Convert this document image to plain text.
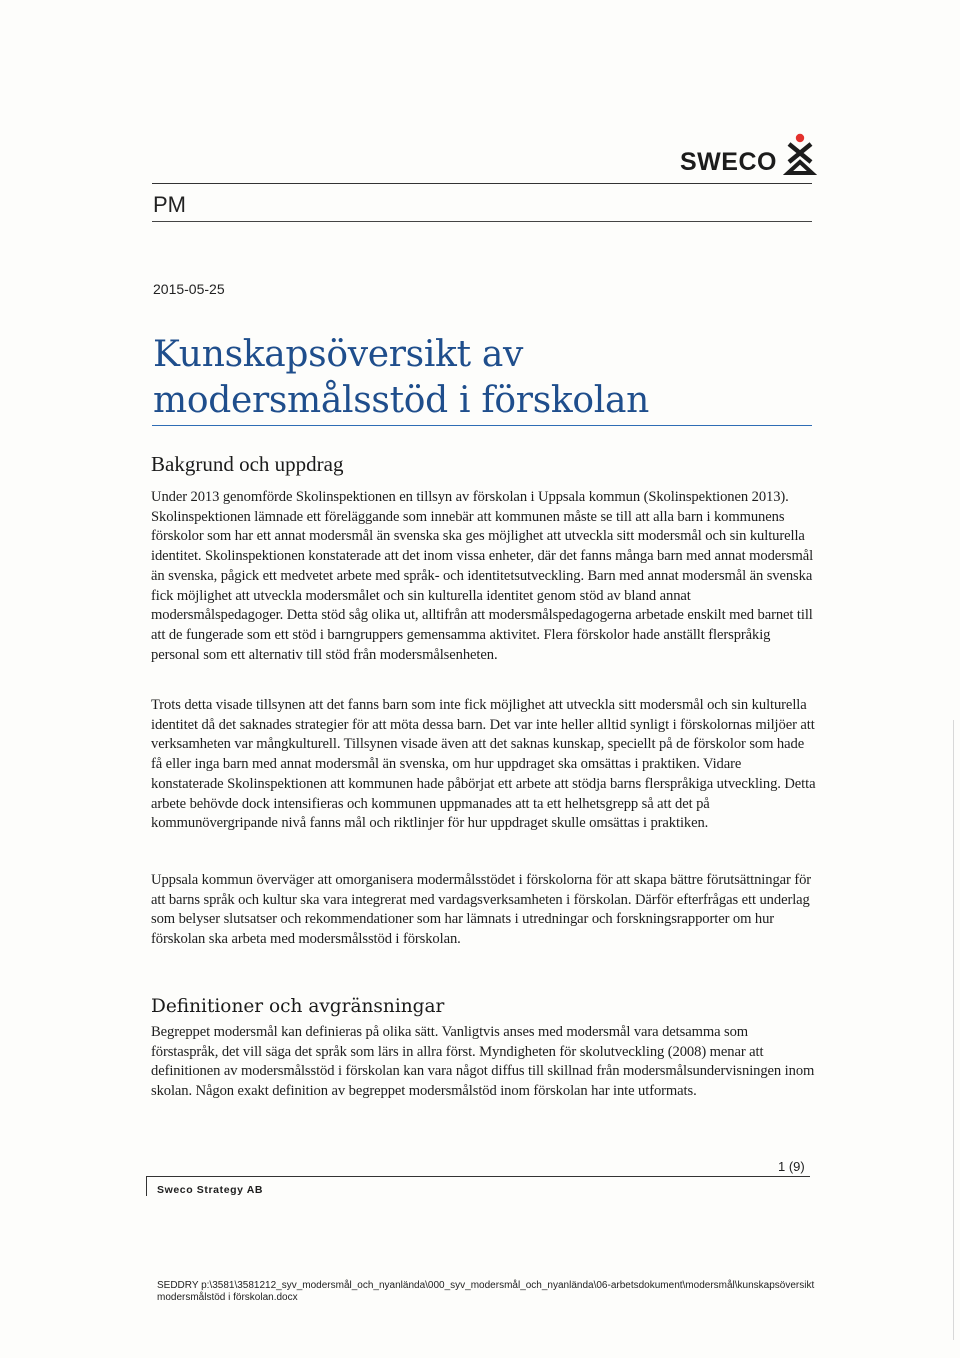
SWECO
PM
2015-05-25
Kunskapsöversikt av
modersmålsstöd i förskolan
Bakgrund och uppdrag

Under 2013 genomförde Skolinspektionen en tillsyn av förskolan i Uppsala kommun (Skolinspektionen 2013). Skolinspektionen lämnade ett föreläggande som innebär att kommunen måste se till att alla barn i kommunens förskolor som har ett annat modersmål än svenska ska ges möjlighet att utveckla sitt modersmål och sin kulturella identitet. Skolinspektionen konstaterade att det inom vissa enheter, där det fanns många barn med annat modersmål än svenska, pågick ett medvetet arbete med språk- och identitetsutveckling. Barn med annat modersmål än svenska fick möjlighet att utveckla modersmålet och sin kulturella identitet genom stöd av bland annat modersmålspedagoger. Detta stöd såg olika ut, alltifrån att modersmålspedagogerna arbetade enskilt med barnet till att de fungerade som ett stöd i barngruppers gemensamma aktivitet. Flera förskolor hade anställt flerspråkig personal som ett alternativ till stöd från modersmålsenheten.

Trots detta visade tillsynen att det fanns barn som inte fick möjlighet att utveckla sitt modersmål och sin kulturella identitet då det saknades strategier för att möta dessa barn. Det var inte heller alltid synligt i förskolornas miljöer att verksamheten var mångkulturell. Tillsynen visade även att det saknas kunskap, speciellt på de förskolor som hade få eller inga barn med annat modersmål än svenska, om hur uppdraget ska omsättas i praktiken. Vidare konstaterade Skolinspektionen att kommunen hade påbörjat ett arbete att stödja barns flerspråkiga utveckling. Detta arbete behövde dock intensifieras och kommunen uppmanades att ta ett helhetsgrepp så att det på kommunövergripande nivå fanns mål och riktlinjer för hur uppdraget skulle omsättas i praktiken.

Uppsala kommun överväger att omorganisera modermålsstödet i förskolorna för att skapa bättre förutsättningar för att barns språk och kultur ska vara integrerat med vardagsverksamheten i förskolan. Därför efterfrågas ett underlag som belyser slutsatser och rekommendationer som har lämnats i utredningar och forskningsrapporter om hur förskolan ska arbeta med modersmålsstöd i förskolan.

Definitioner och avgränsningar

Begreppet modersmål kan definieras på olika sätt. Vanligtvis anses med modersmål vara detsamma som förstaspråk, det vill säga det språk som lärs in allra först. Myndigheten för skolutveckling (2008) menar att definitionen av modersmålsstöd i förskolan kan vara något diffus till skillnad från modersmålsundervisningen inom skolan. Någon exakt definition av begreppet modersmålstöd inom förskolan har inte utformats.

1 (9)
Sweco Strategy AB
SEDDRY p:\3581\3581212_syv_modersmål_och_nyanlända\000_syv_modersmål_och_nyanlända\06-arbetsdokument\modersmål\kunskapsöversikt modersmålstöd i förskolan.docx
